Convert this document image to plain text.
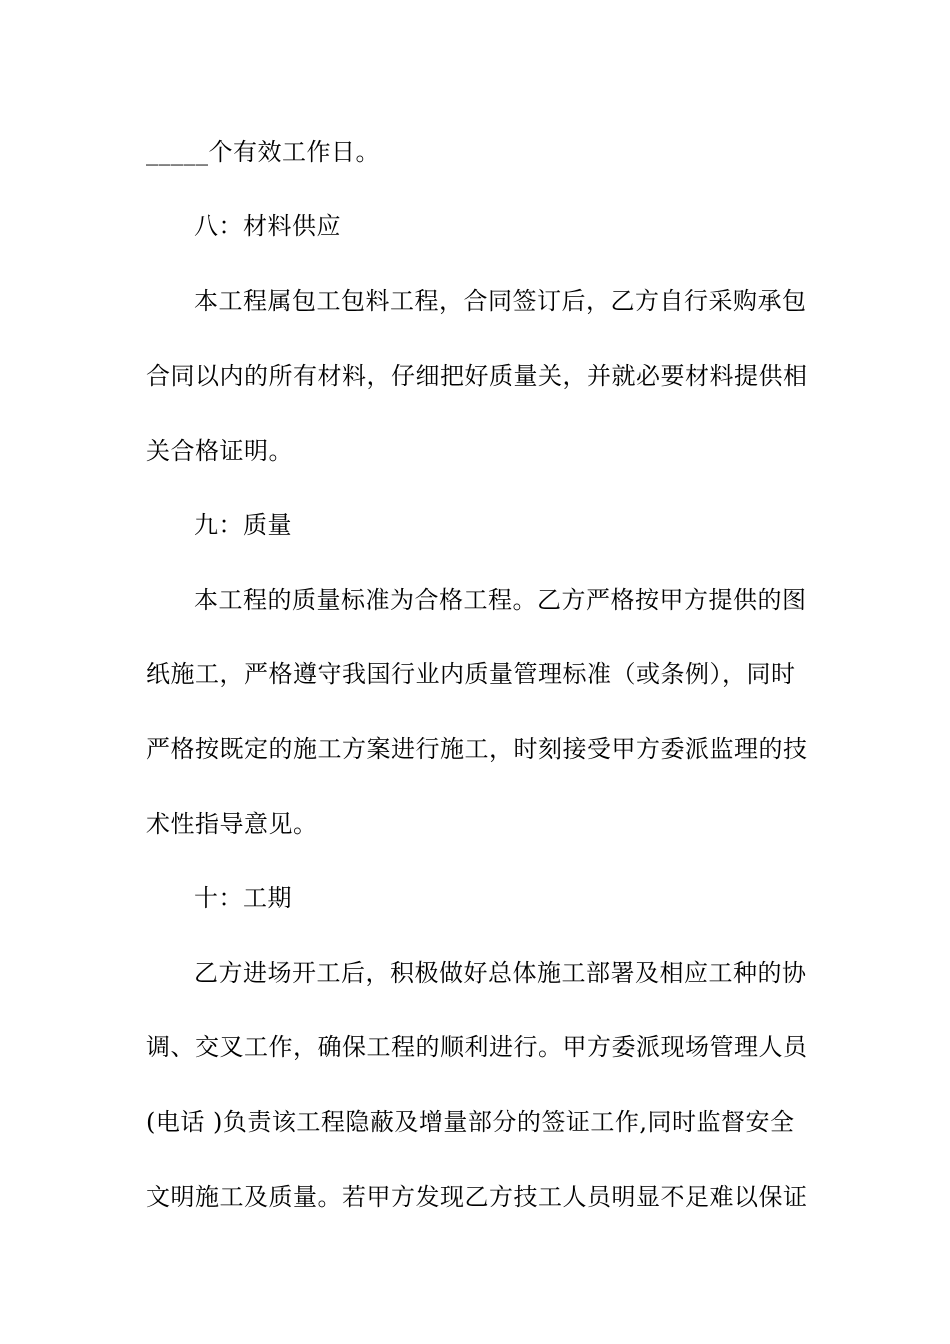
_____个有效工作日。
八：材料供应
本工程属包工包料工程，合同签订后，乙方自行采购承包
合同以内的所有材料，仔细把好质量关，并就必要材料提供相
关合格证明。
九：质量
本工程的质量标准为合格工程。乙方严格按甲方提供的图
纸施工，严格遵守我国行业内质量管理标准（或条例），同时
严格按既定的施工方案进行施工，时刻接受甲方委派监理的技
术性指导意见。
十：工期
乙方进场开工后，积极做好总体施工部署及相应工种的协
调、交叉工作，确保工程的顺利进行。甲方委派现场管理人员
(电话 )负责该工程隐蔽及增量部分的签证工作,同时监督安全
文明施工及质量。若甲方发现乙方技工人员明显不足难以保证
